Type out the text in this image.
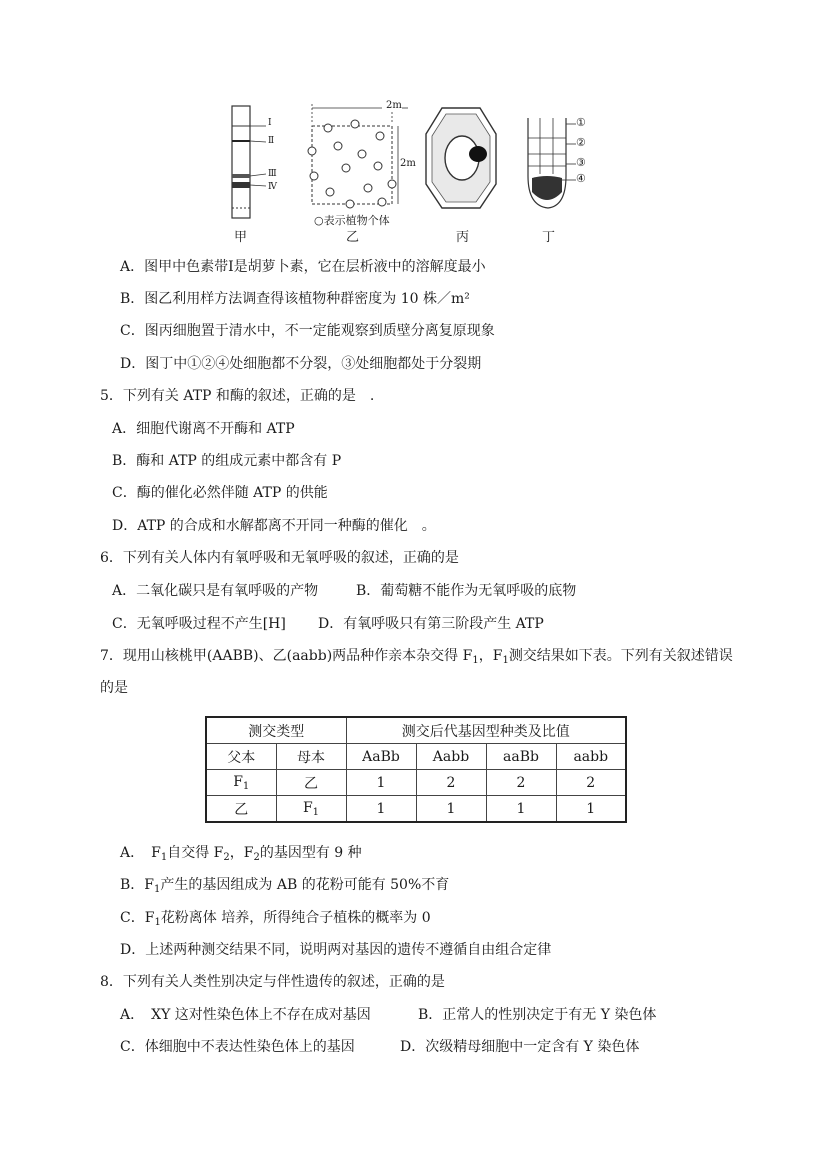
Ⅰ
Ⅱ
Ⅲ
Ⅳ
2m
2m
○表示植物个体
①
②
③
④
甲	乙	丙	丁
A．图甲中色素带Ⅰ是胡萝卜素，它在层析液中的溶解度最小
B．图乙利用样方法调查得该植物种群密度为 10 株／m²
C．图丙细胞置于清水中，不一定能观察到质壁分离复原现象
D．图丁中①②④处细胞都不分裂，③处细胞都处于分裂期
5．下列有关 ATP 和酶的叙述，正确的是　.
A．细胞代谢离不开酶和 ATP
B．酶和 ATP 的组成元素中都含有 P
C．酶的催化必然伴随 ATP 的供能
D．ATP 的合成和水解都离不开同一种酶的催化　。
6．下列有关人体内有氧呼吸和无氧呼吸的叙述，正确的是
A．二氧化碳只是有氧呼吸的产物	B．葡萄糖不能作为无氧呼吸的底物
C．无氧呼吸过程不产生[H] D．有氧呼吸只有第三阶段产生 ATP
7．现用山核桃甲(AABB)、乙(aabb)两品种作亲本杂交得 $F_1$，$F_1$测交结果如下表。下列有关叙述错误
的是
测交类型		测交后代基因型种类及比值			
父本	母本	AaBb	Aabb	aaBb	aabb
$F_1$	乙	1	2	2	2
乙	$F_1$	1	1	1	1
A．　$F_1$自交得 $F_2$，$F_2$的基因型有 9 种
B．$F_1$产生的基因组成为 AB 的花粉可能有 50%不育
C．$F_1$花粉离体 培养，所得纯合子植株的概率为 0
D．上述两种测交结果不同，说明两对基因的遗传不遵循自由组合定律
8．下列有关人类性别决定与伴性遗传的叙述，正确的是
A．　XY 这对性染色体上不存在成对基因	B．正常人的性别决定于有无 Y 染色体
C．体细胞中不表达性染色体上的基因	D．次级精母细胞中一定含有 Y 染色体
